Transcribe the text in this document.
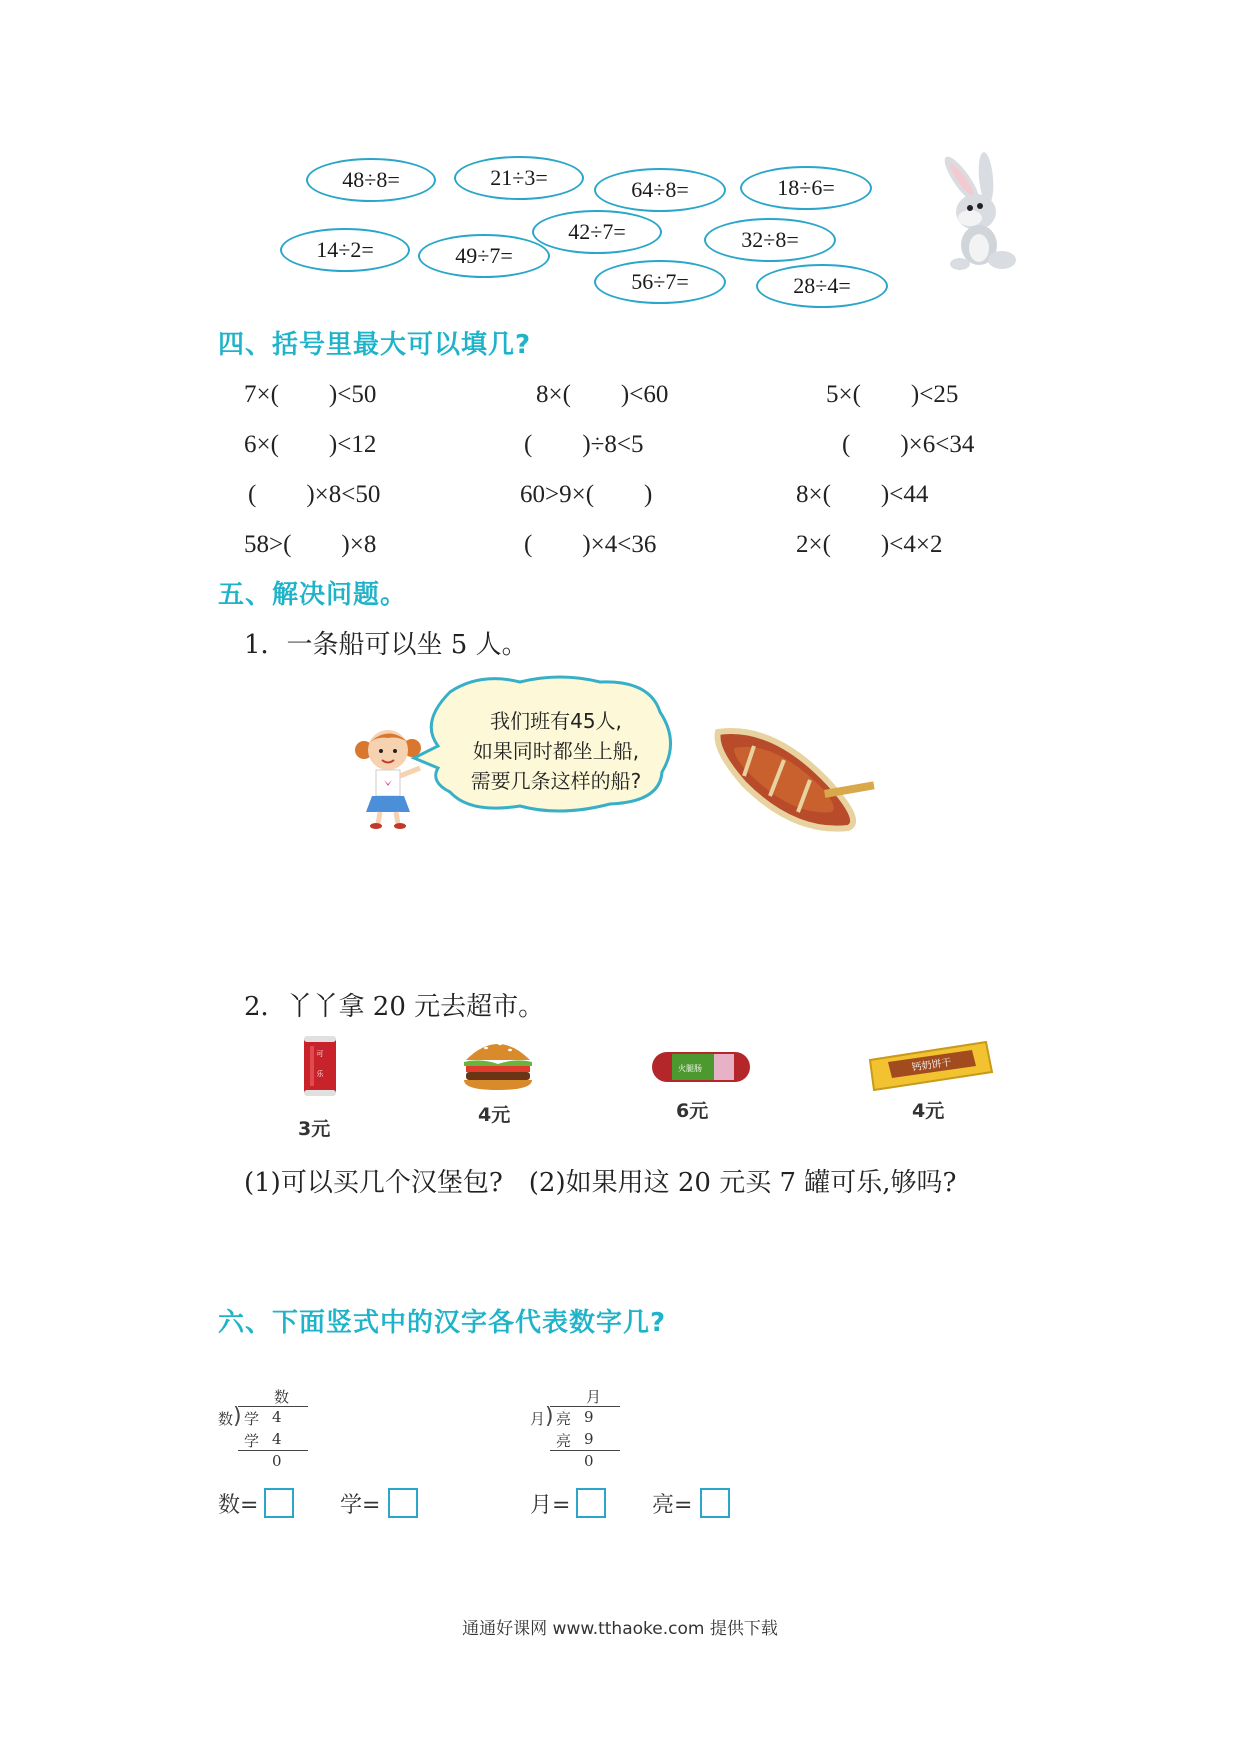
48÷8=	21÷3=	64÷8=	18÷6=
14÷2=	49÷7=
42÷7=	32÷8=
56÷7=	28÷4=
四、括号里最大可以填几?
7×(　　)<50	8×(　　)<60	5×(　　)<25
6×(　　)<12	(　　)÷8<5	(　　)×6<34
(　　)×8<50	60>9×(　　)	8×(　　)<44
58>(　　)×8	(　　)×4<36	2×(　　)<4×2
五、解决问题。
1．一条船可以坐 5 人。
我们班有45人,
如果同时都坐上船,
需要几条这样的船?
2．丫丫拿 20 元去超市。
可
乐
3元
4元
火腿肠
6元
钙奶饼干
4元
(1)可以买几个汉堡包?　(2)如果用这 20 元买 7 罐可乐,够吗?
六、下面竖式中的汉字各代表数字几?
数
数 ) 学 4
学 4
0
月
月 ) 亮 9
亮 9
0
数=	学=	月=	亮=
通通好课网 www.tthaoke.com 提供下载
